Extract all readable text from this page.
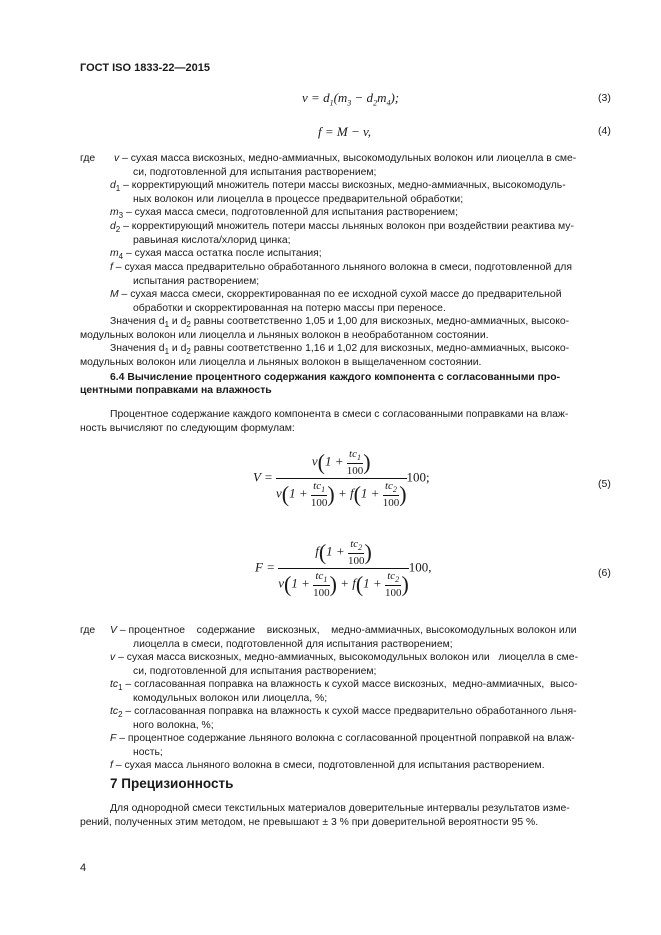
ГОСТ ISO 1833-22—2015
$v = d_1(m_3 - d_2m_4)$;	(3)
f = M − v,	(4)
где v – сухая масса вискозных, медно-аммиачных, высокомодульных волокон или лиоцелла в сме-
си, подготовленной для испытания растворением;
$d_1$ – корректирующий множитель потери массы вискозных, медно-аммиачных, высокомодуль-
ных волокон или лиоцелла в процессе предварительной обработки;
$m_3$ – сухая масса смеси, подготовленной для испытания растворением;
$d_2$ – корректирующий множитель потери массы льняных волокон при воздействии реактива му-
равьиная кислота/хлорид цинка;
$m_4$ – сухая масса остатка после испытания;
f – сухая масса предварительно обработанного льняного волокна в смеси, подготовленной для
испытания растворением;
M – сухая масса смеси, скорректированная по ее исходной сухой массе до предварительной
обработки и скорректированная на потерю массы при переносе.
Значения $d_1$ и $d_2$ равны соответственно 1,05 и 1,00 для вискозных, медно-аммиачных, высоко-
модульных волокон или лиоцелла и льняных волокон в необработанном состоянии.
Значения $d_1$ и $d_2$ равны соответственно 1,16 и 1,02 для вискозных, медно-аммиачных, высоко-
модульных волокон или лиоцелла и льняных волокон в выщелаченном состоянии.
6.4 Вычисление процентного содержания каждого компонента с согласованными про-
центными поправками на влажность
Процентное содержание каждого компонента в смеси с согласованными поправками на влаж-
ность вычисляют по следующим формулам:
$V = \frac{v(1 + \frac{tc_1}{100} )}{v(1 + \frac{tc_1}{100} ) + f(1 + \frac{tc_2}{100} )} 100$;	(5)
$F = \frac{f(1 + \frac{tc_2}{100} )}{v(1 + \frac{tc_1}{100} ) + f(1 + \frac{tc_2}{100} )} 100$,	(6)
где V – процентное    содержание    вискозных,    медно-аммиачных, высокомодульных волокон или
лиоцелла в смеси, подготовленной для испытания растворением;
v – сухая масса вискозных, медно-аммиачных, высокомодульных волокон или   лиоцелла в сме-
си, подготовленной для испытания растворением;
$tc_1$ – согласованная поправка на влажность к сухой массе вискозных,  медно-аммиачных,  высо-
комодульных волокон или лиоцелла, %;
$tc_2$ – согласованная поправка на влажность к сухой массе предварительно обработанного льня-
ного волокна, %;
F – процентное содержание льняного волокна с согласованной процентной поправкой на влаж-
ность;
f – сухая масса льняного волокна в смеси, подготовленной для испытания растворением.
7 Прецизионность
Для однородной смеси текстильных материалов доверительные интервалы результатов изме-
рений, полученных этим методом, не превышают ± 3 % при доверительной вероятности 95 %.
4
